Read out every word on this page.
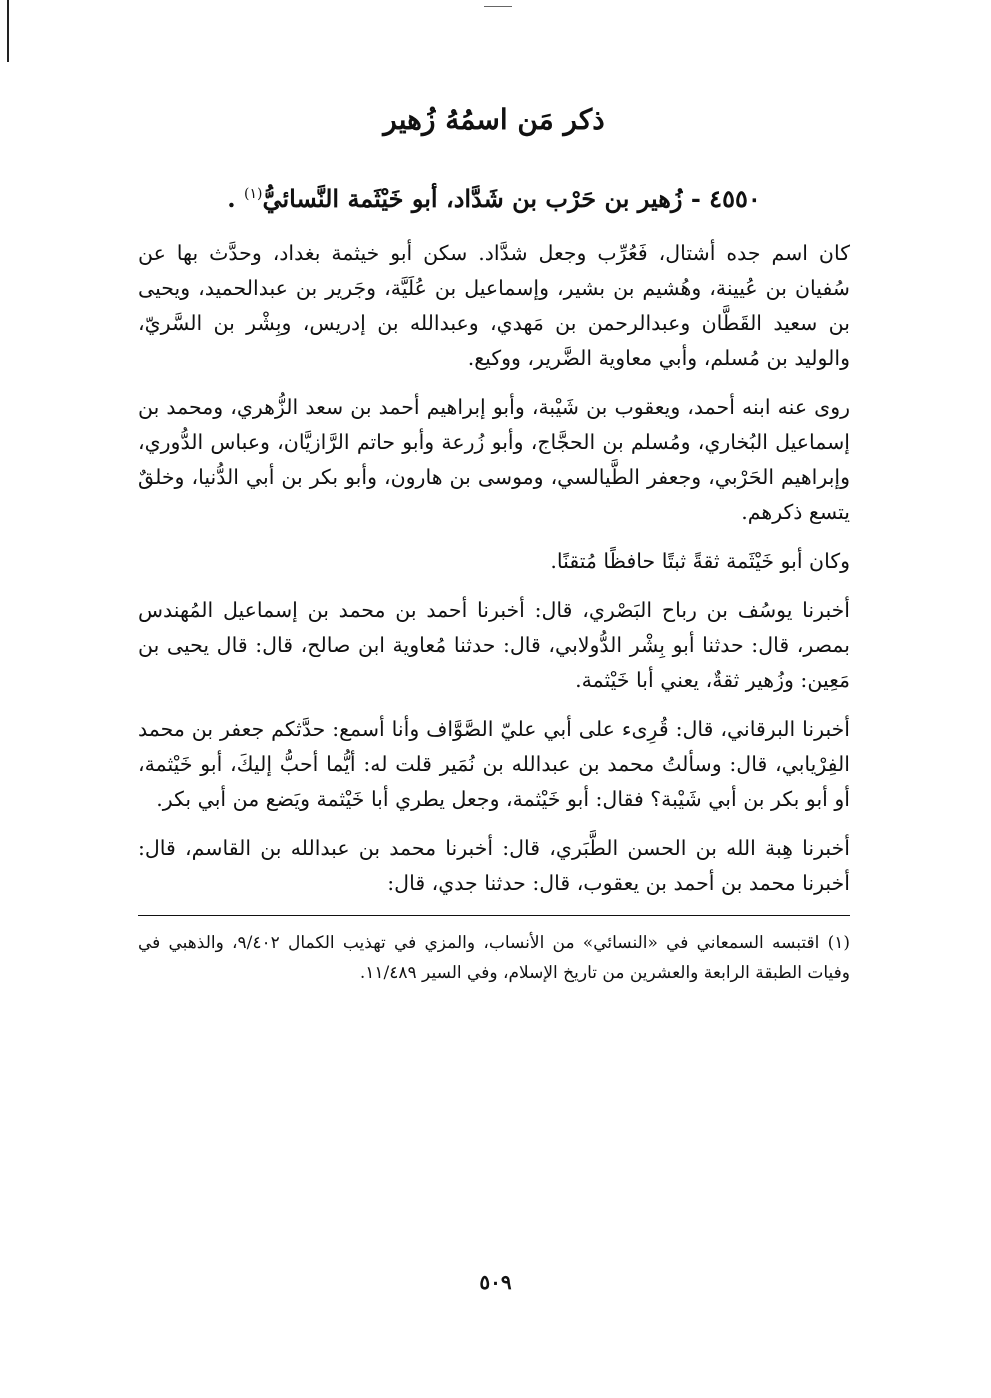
ذكر مَن اسمُهُ زُهير
٤٥٥٠ - زُهير بن حَرْب بن شَدَّاد، أبو خَيْثَمة النَّسائيُّ$^{(١)}$ .

كان اسم جده أشتال، فَعُرِّب وجعل شدَّاد. سكن أبو خيثمة بغداد، وحدَّث بها عن سُفيان بن عُيينة، وهُشيم بن بشير، وإسماعيل بن عُلَيَّة، وجَرير بن عبدالحميد، ويحيى بن سعيد القَطَّان وعبدالرحمن بن مَهدي، وعبدالله بن إدريس، وبِشْر بن السَّريّ، والوليد بن مُسلم، وأبي معاوية الضَّرير، ووكيع.

روى عنه ابنه أحمد، ويعقوب بن شَيْبة، وأبو إبراهيم أحمد بن سعد الزُّهري، ومحمد بن إسماعيل البُخاري، ومُسلم بن الحجَّاج، وأبو زُرعة وأبو حاتم الرَّازيَّان، وعباس الدُّوري، وإبراهيم الحَرْبي، وجعفر الطَّيالسي، وموسى بن هارون، وأبو بكر بن أبي الدُّنيا، وخلقٌ يتسع ذكرهم.

وكان أبو خَيْثَمة ثقةً ثبتًا حافظًا مُتقنًا.

أخبرنا يوسُف بن رباح البَصْري، قال: أخبرنا أحمد بن محمد بن إسماعيل المُهندس بمصر، قال: حدثنا أبو بِشْر الدُّولابي، قال: حدثنا مُعاوية ابن صالح، قال: قال يحيى بن مَعِين: وزُهير ثقةٌ، يعني أبا خَيْثمة.

أخبرنا البرقاني، قال: قُرِىء على أبي عليّ الصَّوَّاف وأنا أسمع: حدَّثكم جعفر بن محمد الفِرْيابي، قال: وسألتُ محمد بن عبدالله بن نُمَير قلت له: أيُّما أحبُّ إليكَ، أبو خَيْثمة، أو أبو بكر بن أبي شَيْبة؟ فقال: أبو خَيْثمة، وجعل يطري أبا خَيْثمة ويَضع من أبي بكر.

أخبرنا هِبة الله بن الحسن الطَّبَري، قال: أخبرنا محمد بن عبدالله بن القاسم، قال: أخبرنا محمد بن أحمد بن يعقوب، قال: حدثنا جدي، قال:

(١) اقتبسه السمعاني في «النسائي» من الأنساب، والمزي في تهذيب الكمال ٩/٤٠٢، والذهبي في وفيات الطبقة الرابعة والعشرين من تاريخ الإسلام، وفي السير ١١/٤٨٩.

٥٠٩
